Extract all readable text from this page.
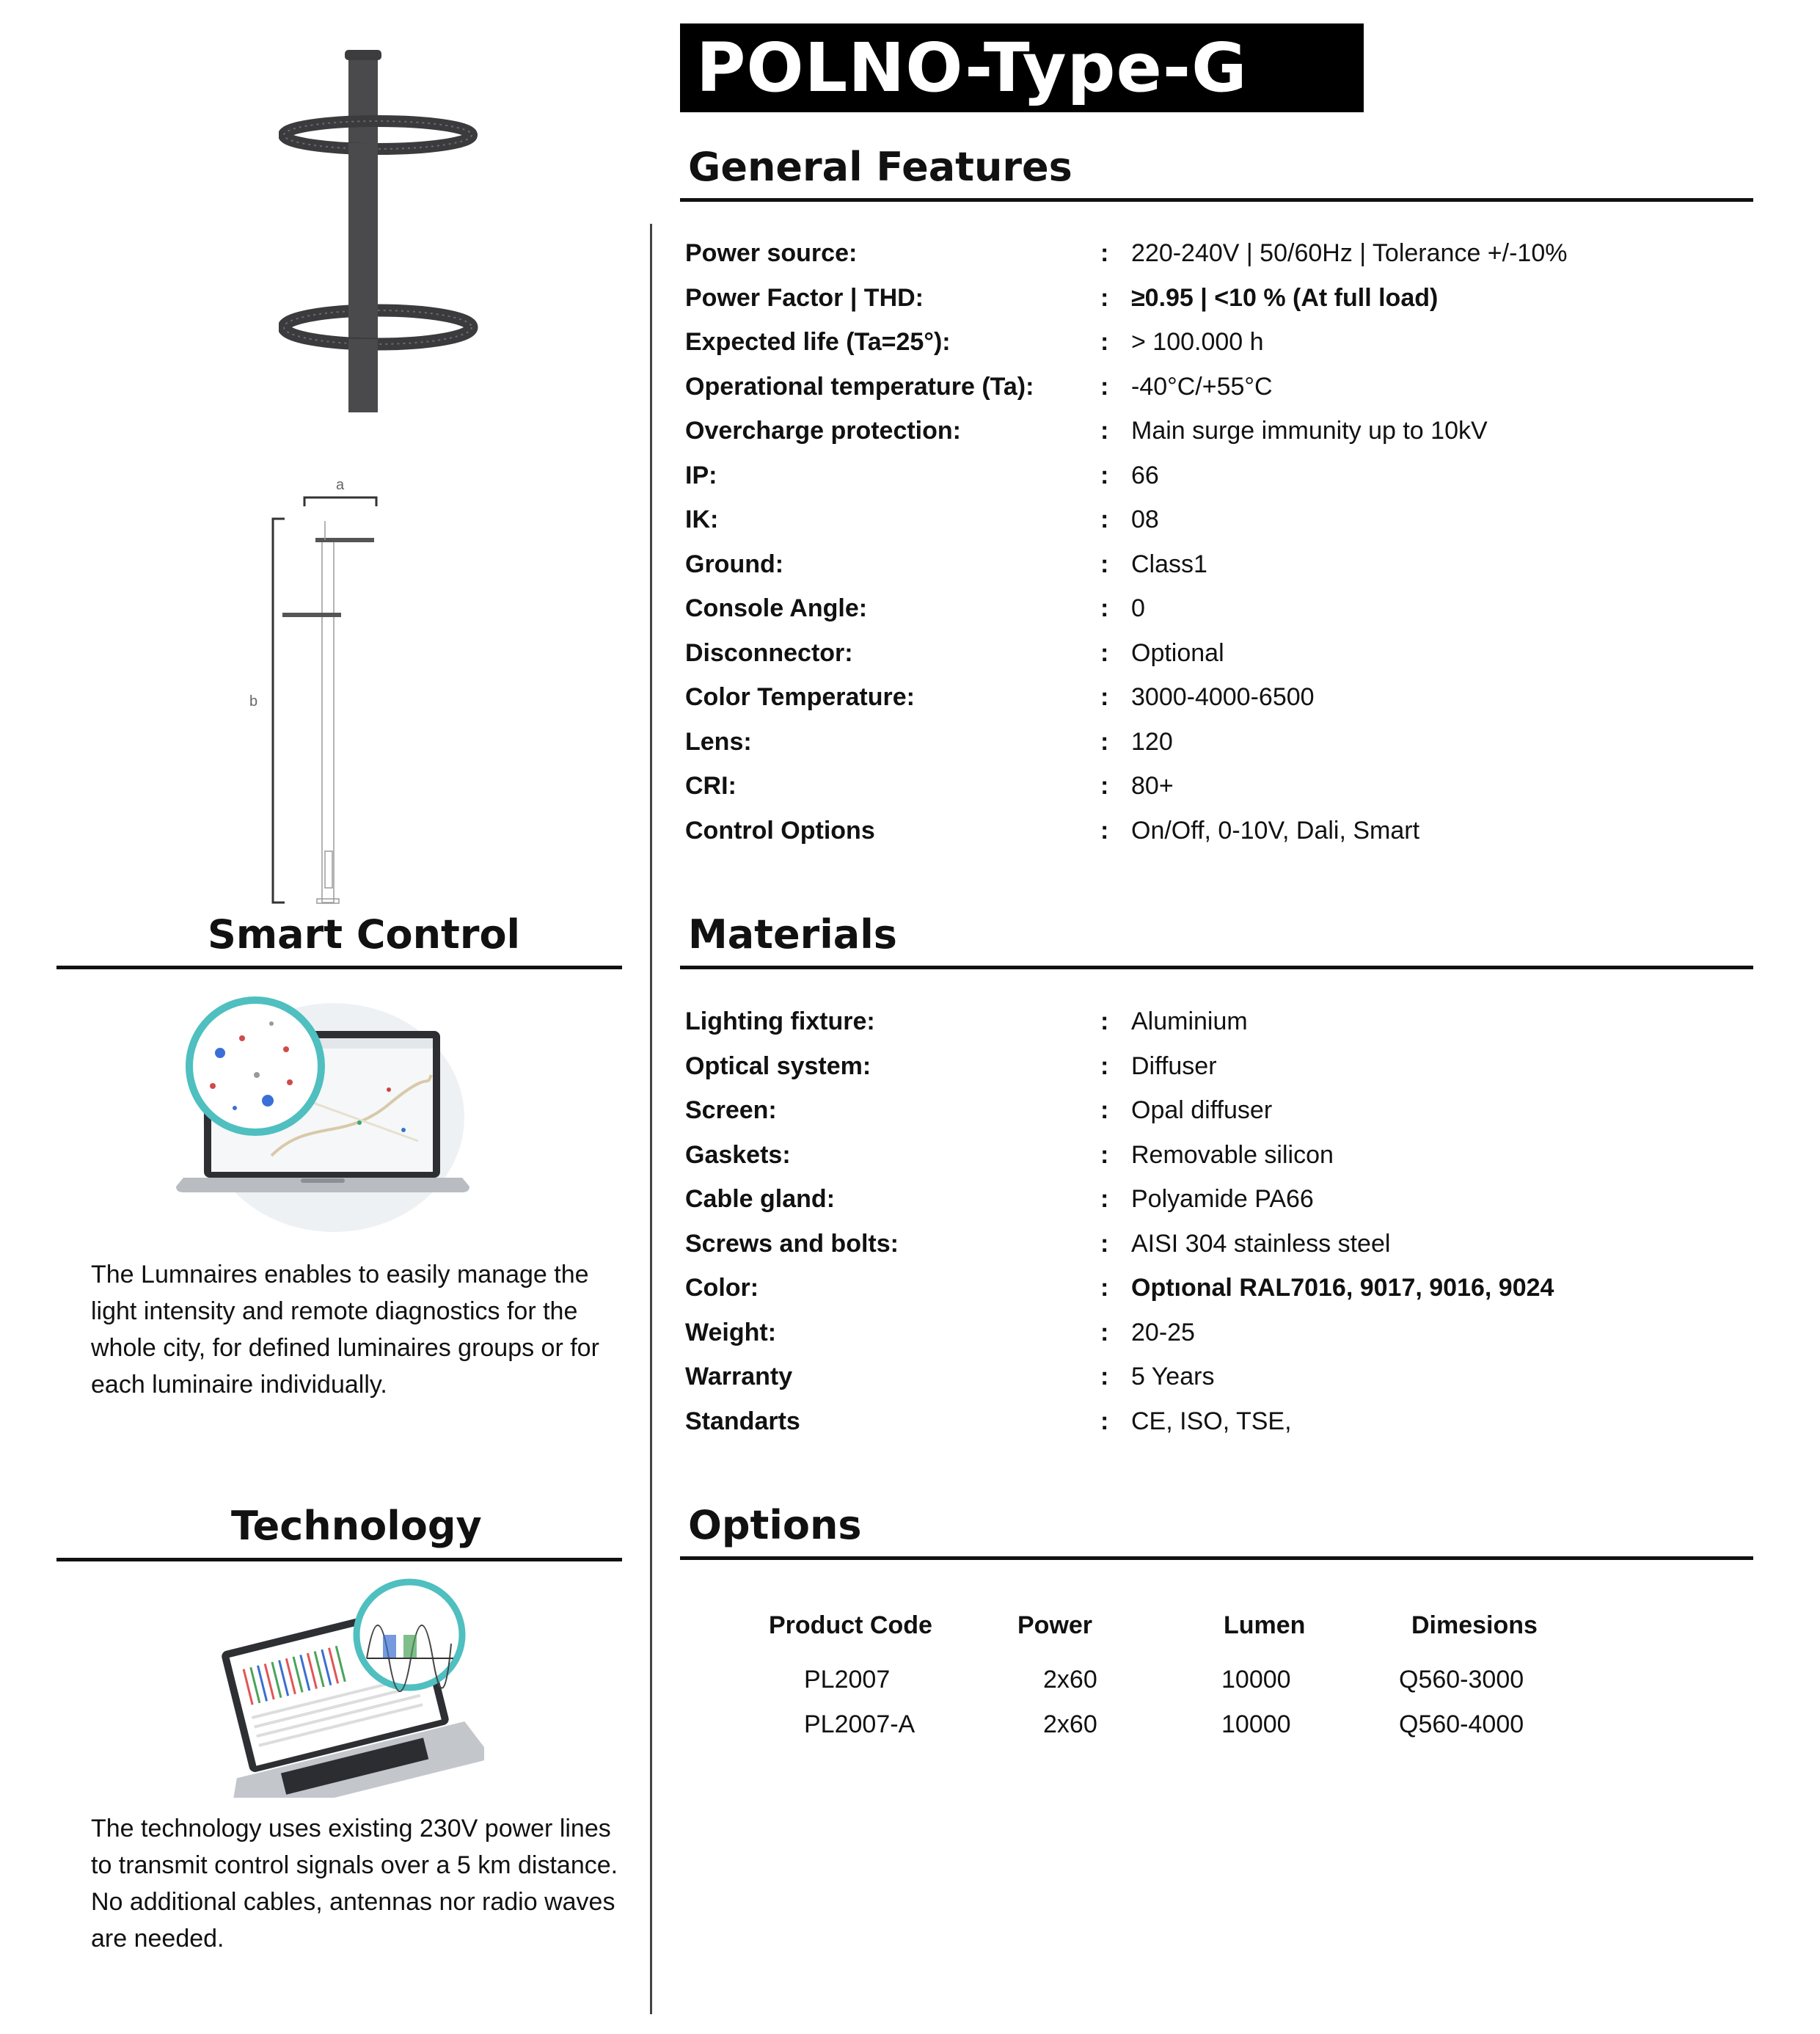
POLNO-Type-G
a
b
General Features
Power source:	: 220-240V | 50/60Hz | Tolerance +/-10%
Power Factor | THD:	: ≥0.95 | <10 % (At full load)
Expected life (Ta=25°):	: > 100.000 h
Operational temperature (Ta):	: -40°C/+55°C
Overcharge protection:	: Main surge immunity up to 10kV
IP:	: 66
IK:	: 08
Ground:	: Class1
Console Angle:	: 0
Disconnector:	: Optional
Color Temperature:	: 3000-4000-6500
Lens:	: 120
CRI:	: 80+
Control Options	: On/Off, 0-10V, Dali, Smart
Materials
Lighting fixture:	: Aluminium
Optical system:	: Diffuser
Screen:	: Opal diffuser
Gaskets:	: Removable silicon
Cable gland:	: Polyamide PA66
Screws and bolts:	: AISI 304 stainless steel
Color:	: Optıonal RAL7016, 9017, 9016, 9024
Weight:	: 20-25
Warranty	: 5 Years
Standarts	: CE, ISO, TSE,
Options
Product Code	Power	Lumen	Dimesions
PL2007	2x60	10000	Q560-3000
PL2007-A	2x60	10000	Q560-4000
Smart Control
The Lumnaires enables to easily manage the light intensity and remote diagnostics for the whole city, for defined luminaires groups or for each luminaire individually.
Technology
The technology uses existing 230V power lines to transmit control signals over a 5 km distance. No additional cables, antennas nor radio waves are needed.
